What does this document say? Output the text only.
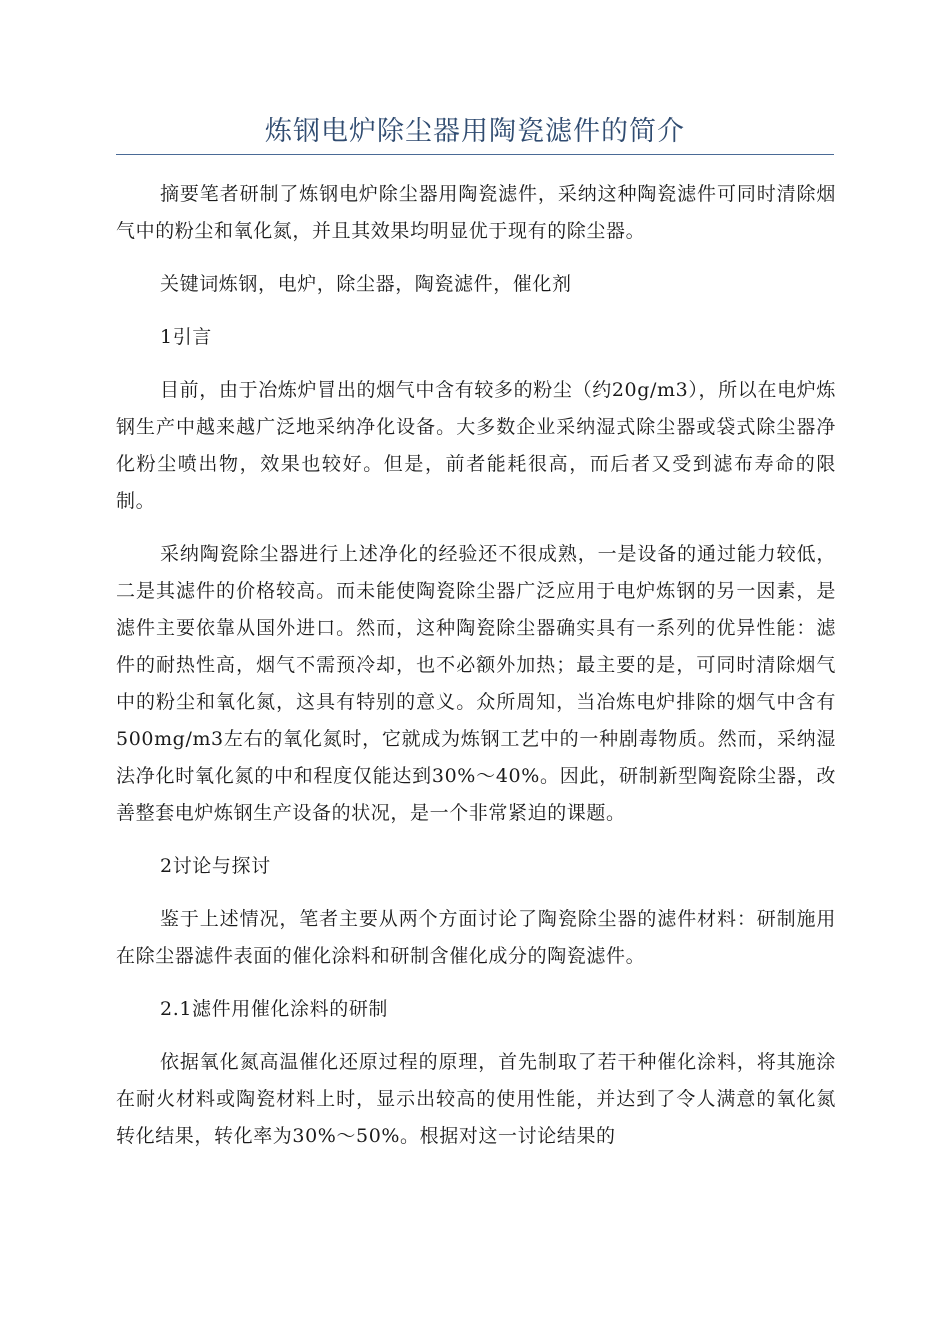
炼钢电炉除尘器用陶瓷滤件的简介

摘要笔者研制了炼钢电炉除尘器用陶瓷滤件，采纳这种陶瓷滤件可同时清除烟气中的粉尘和氧化氮，并且其效果均明显优于现有的除尘器。

关键词炼钢，电炉，除尘器，陶瓷滤件，催化剂

1引言

目前，由于冶炼炉冒出的烟气中含有较多的粉尘（约20g/m3），所以在电炉炼钢生产中越来越广泛地采纳净化设备。大多数企业采纳湿式除尘器或袋式除尘器净化粉尘喷出物，效果也较好。但是，前者能耗很高，而后者又受到滤布寿命的限制。

采纳陶瓷除尘器进行上述净化的经验还不很成熟，一是设备的通过能力较低，二是其滤件的价格较高。而未能使陶瓷除尘器广泛应用于电炉炼钢的另一因素，是滤件主要依靠从国外进口。然而，这种陶瓷除尘器确实具有一系列的优异性能：滤件的耐热性高，烟气不需预冷却，也不必额外加热；最主要的是，可同时清除烟气中的粉尘和氧化氮，这具有特别的意义。众所周知，当冶炼电炉排除的烟气中含有500mg/m3左右的氧化氮时，它就成为炼钢工艺中的一种剧毒物质。然而，采纳湿法净化时氧化氮的中和程度仅能达到30%～40%。因此，研制新型陶瓷除尘器，改善整套电炉炼钢生产设备的状况，是一个非常紧迫的课题。

2讨论与探讨

鉴于上述情况，笔者主要从两个方面讨论了陶瓷除尘器的滤件材料：研制施用在除尘器滤件表面的催化涂料和研制含催化成分的陶瓷滤件。

2.1滤件用催化涂料的研制

依据氧化氮高温催化还原过程的原理，首先制取了若干种催化涂料，将其施涂在耐火材料或陶瓷材料上时，显示出较高的使用性能，并达到了令人满意的氧化氮转化结果，转化率为30%～50%。根据对这一讨论结果的
